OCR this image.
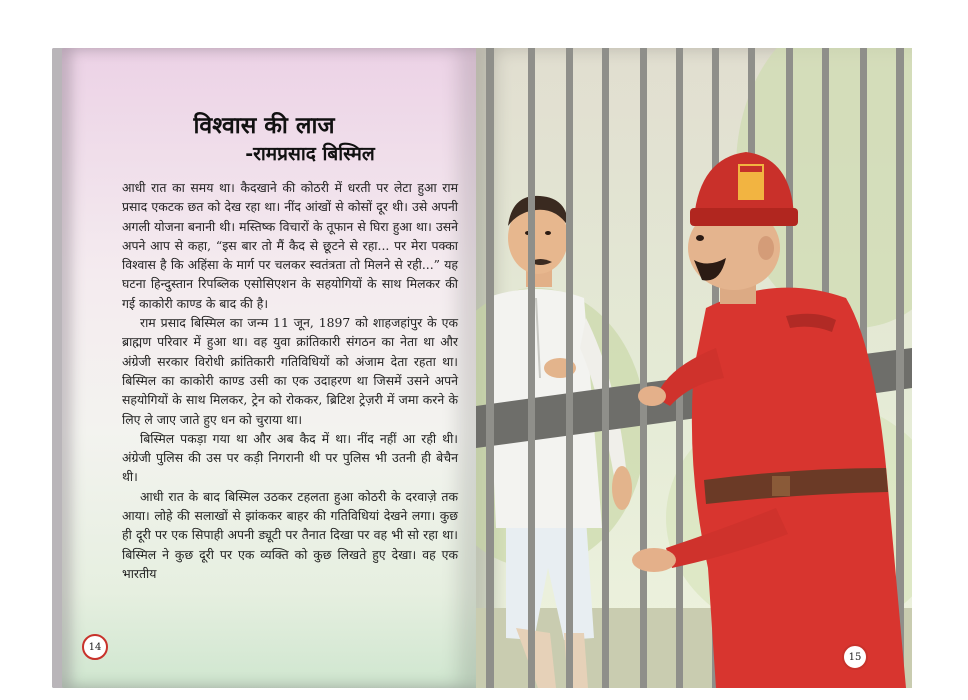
विश्वास की लाज
-रामप्रसाद बिस्मिल

आधी रात का समय था। कैदखाने की कोठरी में धरती पर लेटा हुआ राम प्रसाद एकटक छत को देख रहा था। नींद आंखों से कोसों दूर थी। उसे अपनी अगली योजना बनानी थी। मस्तिष्क विचारों के तूफान से घिरा हुआ था। उसने अपने आप से कहा, “इस बार तो मैं कैद से छूटने से रहा... पर मेरा पक्का विश्वास है कि अहिंसा के मार्ग पर चलकर स्वतंत्रता तो मिलने से रही...” यह घटना हिन्दुस्तान रिपब्लिक एसोसिएशन के सहयोगियों के साथ मिलकर की गई काकोरी काण्ड के बाद की है।

राम प्रसाद बिस्मिल का जन्म 11 जून, 1897 को शाहजहांपुर के एक ब्राह्मण परिवार में हुआ था। वह युवा क्रांतिकारी संगठन का नेता था और अंग्रेजी सरकार विरोधी क्रांतिकारी गतिविधियों को अंजाम देता रहता था। बिस्मिल का काकोरी काण्ड उसी का एक उदाहरण था जिसमें उसने अपने सहयोगियों के साथ मिलकर, ट्रेन को रोककर, ब्रिटिश ट्रेज़री में जमा करने के लिए ले जाए जाते हुए धन को चुराया था।

बिस्मिल पकड़ा गया था और अब कैद में था। नींद नहीं आ रही थी। अंग्रेजी पुलिस की उस पर कड़ी निगरानी थी पर पुलिस भी उतनी ही बेचैन थी।

आधी रात के बाद बिस्मिल उठकर टहलता हुआ कोठरी के दरवाज़े तक आया। लोहे की सलाखों से झांककर बाहर की गतिविधियां देखने लगा। कुछ ही दूरी पर एक सिपाही अपनी ड्यूटी पर तैनात दिखा पर वह भी सो रहा था। बिस्मिल ने कुछ दूरी पर एक व्यक्ति को कुछ लिखते हुए देखा। वह एक भारतीय

14
15
